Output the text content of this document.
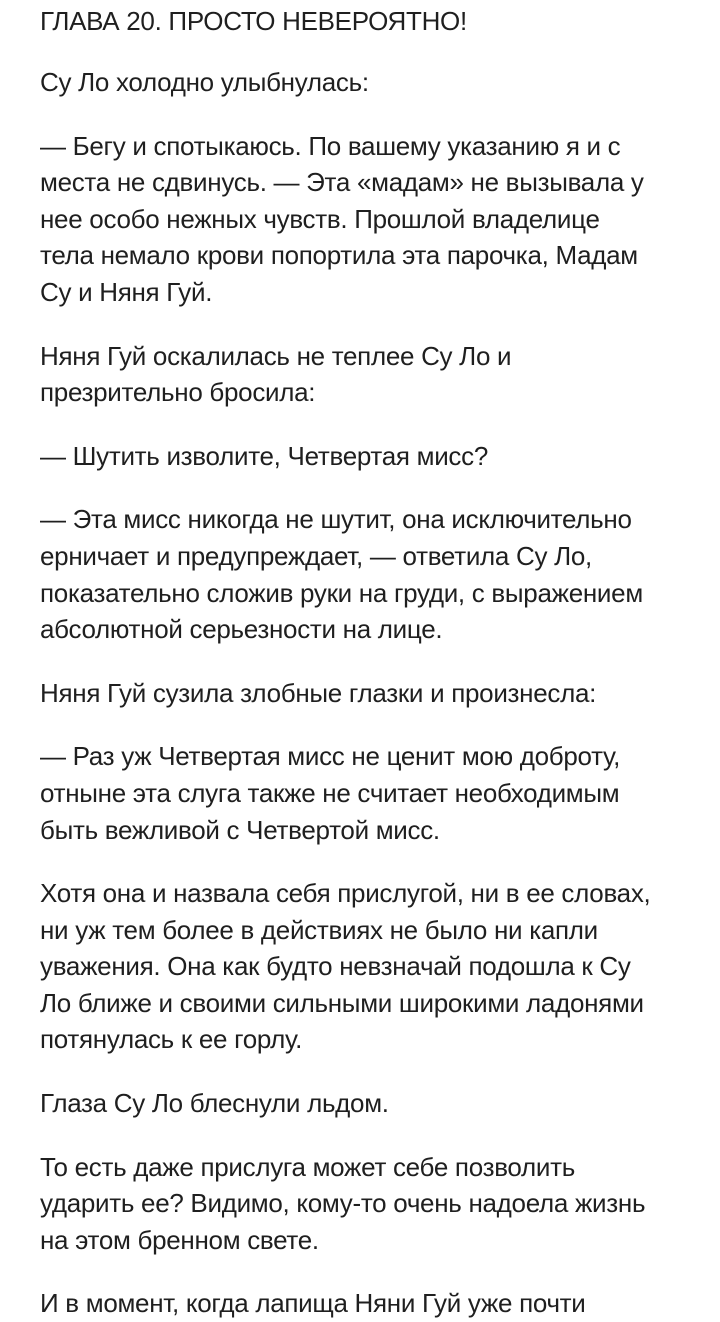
ГЛАВА 20. ПРОСТО НЕВЕРОЯТНО!

Су Ло холодно улыбнулась:

— Бегу и спотыкаюсь. По вашему указанию я и с
места не сдвинусь. — Эта «мадам» не вызывала у
нее особо нежных чувств. Прошлой владелице
тела немало крови попортила эта парочка, Мадам
Су и Няня Гуй.

Няня Гуй оскалилась не теплее Су Ло и
презрительно бросила:

— Шутить изволите, Четвертая мисс?

— Эта мисс никогда не шутит, она исключительно
ерничает и предупреждает, — ответила Су Ло,
показательно сложив руки на груди, с выражением
абсолютной серьезности на лице.

Няня Гуй сузила злобные глазки и произнесла:

— Раз уж Четвертая мисс не ценит мою доброту,
отныне эта слуга также не считает необходимым
быть вежливой с Четвертой мисс.

Хотя она и назвала себя прислугой, ни в ее словах,
ни уж тем более в действиях не было ни капли
уважения. Она как будто невзначай подошла к Су
Ло ближе и своими сильными широкими ладонями
потянулась к ее горлу.

Глаза Су Ло блеснули льдом.

То есть даже прислуга может себе позволить
ударить ее? Видимо, кому-то очень надоела жизнь
на этом бренном свете.

И в момент, когда лапища Няни Гуй уже почти
